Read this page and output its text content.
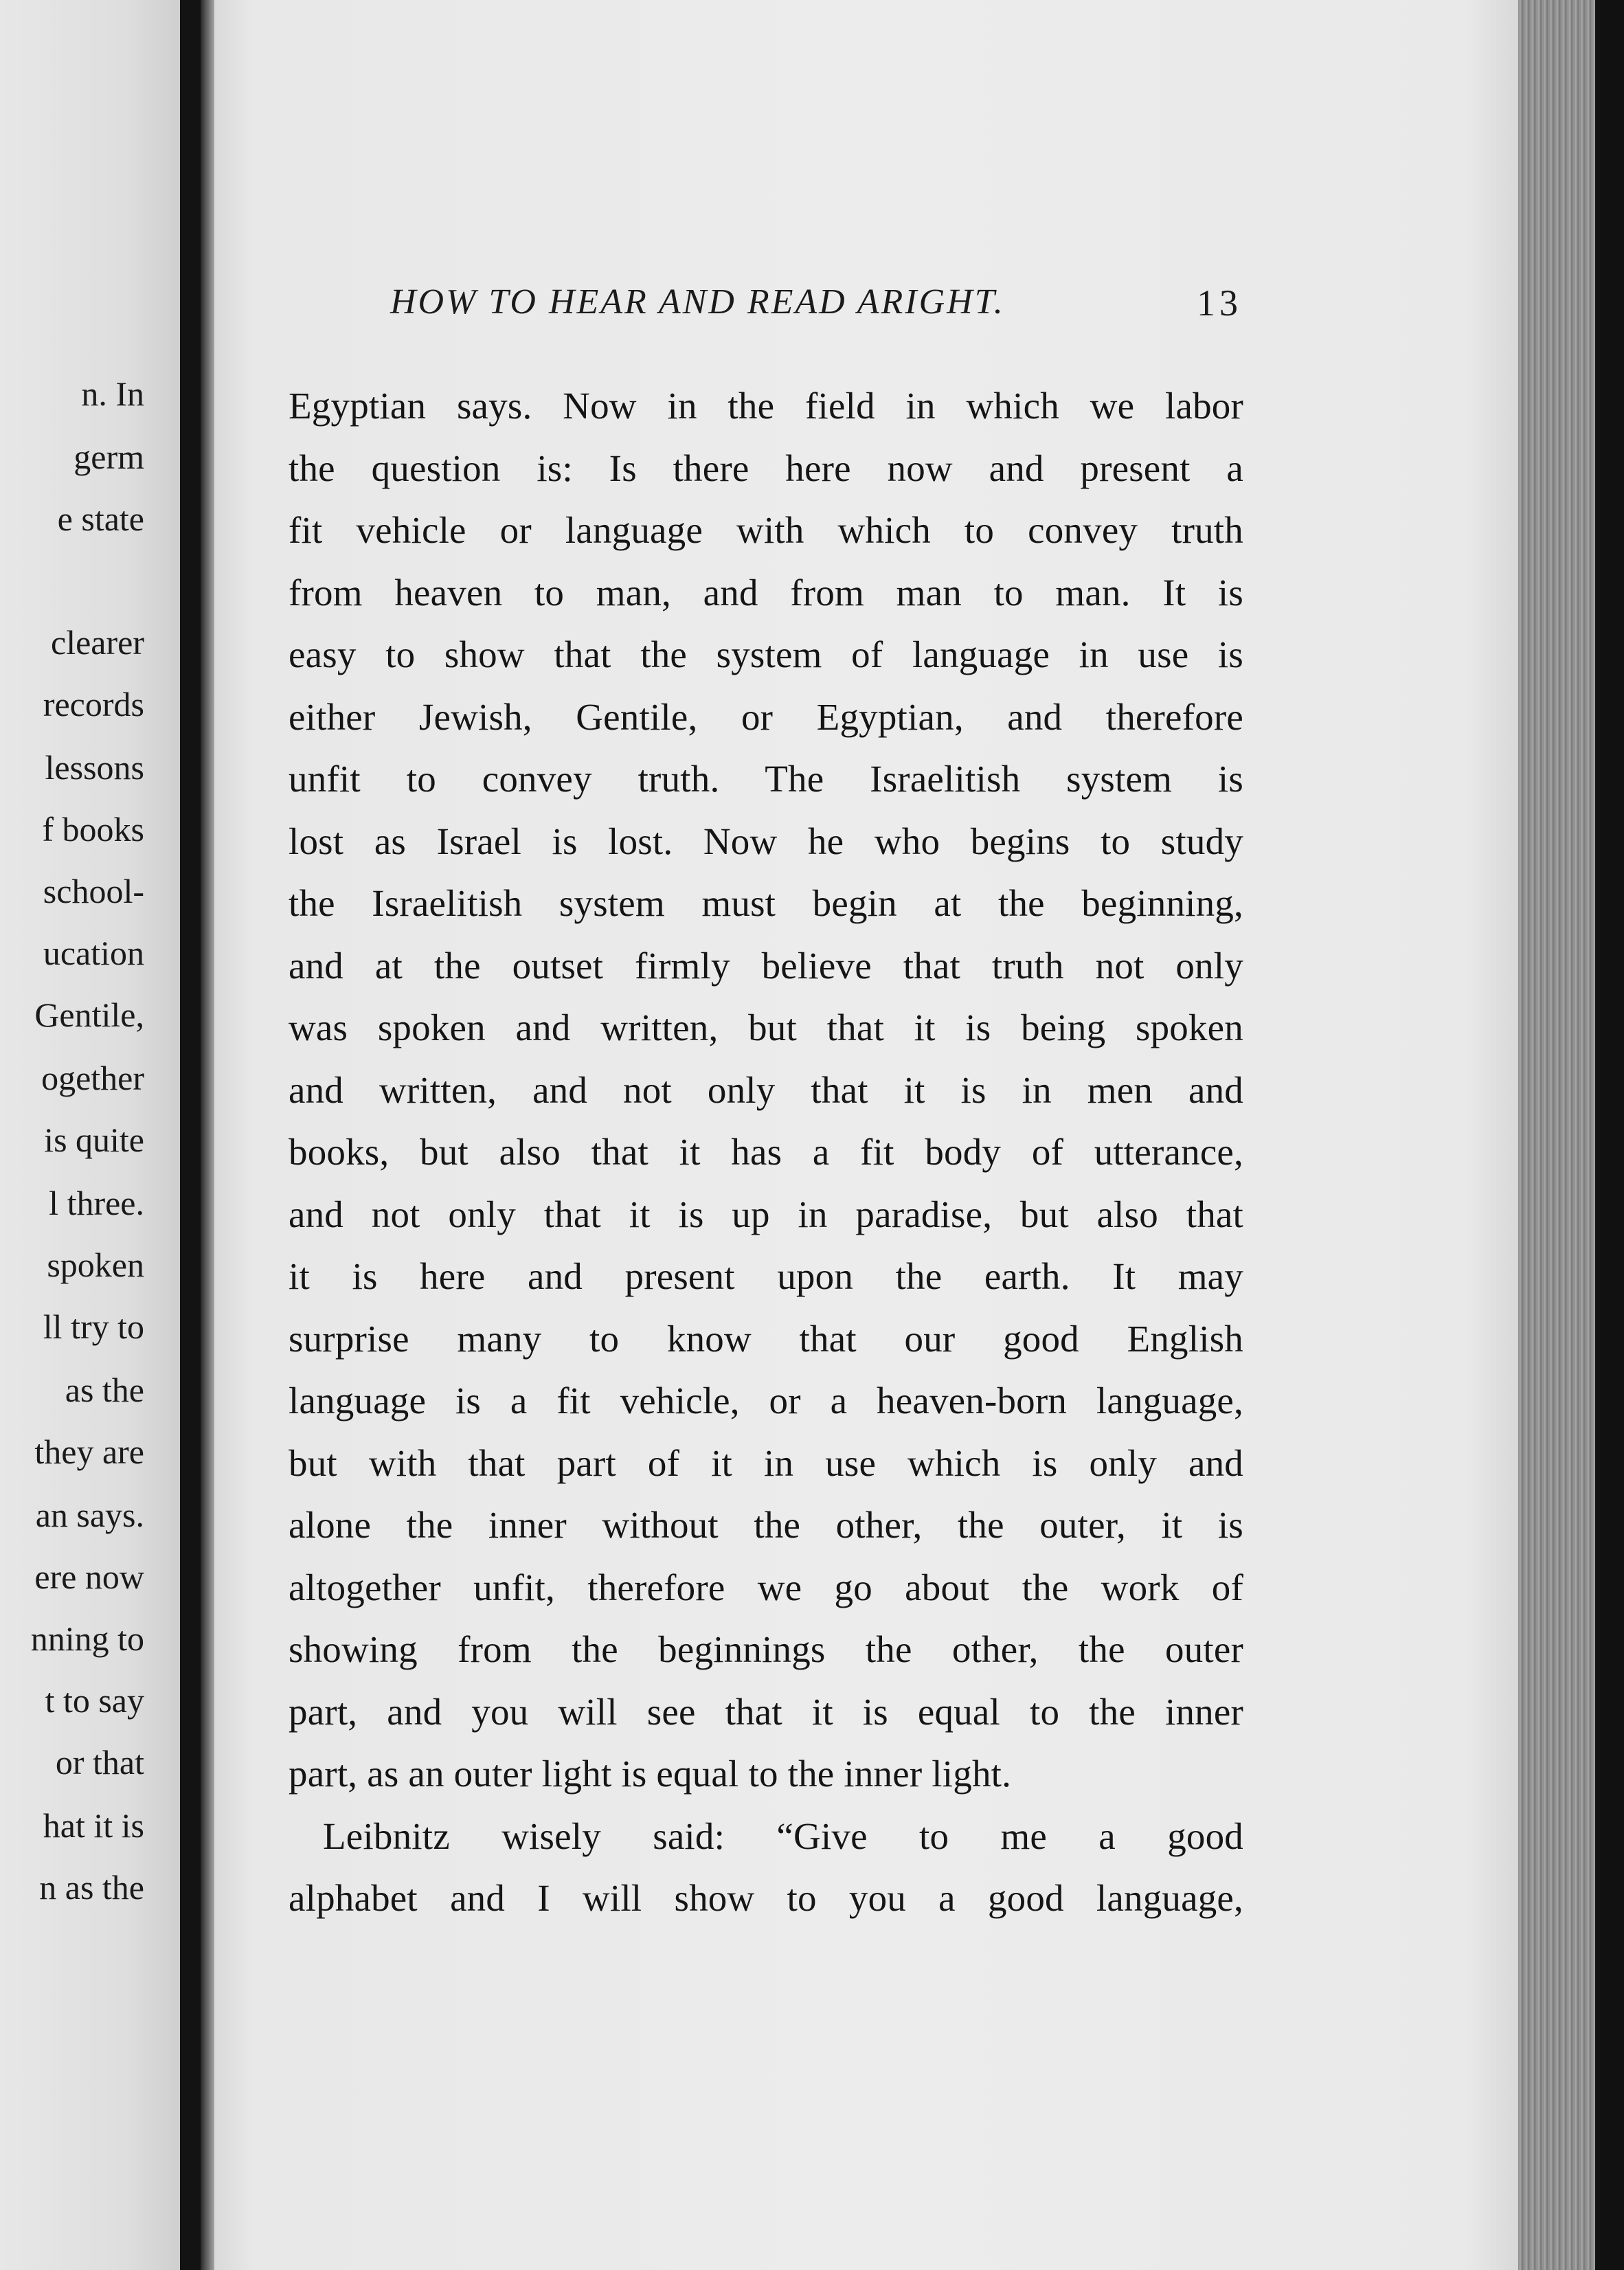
n. In
germ
e state
clearer
records
lessons
f books
school-
ucation
Gentile,
ogether
is quite
l three.
spoken
ll try to
as the
they are
an says.
ere now
nning to
t to say
or that
hat it is
n as the
HOW TO HEAR AND READ ARIGHT.	13
Egyptian says. Now in the field in which we labor
the question is: Is there here now and present a
fit vehicle or language with which to convey truth
from heaven to man, and from man to man. It is
easy to show that the system of language in use is
either Jewish, Gentile, or Egyptian, and therefore
unfit to convey truth. The Israelitish system is
lost as Israel is lost. Now he who begins to study
the Israelitish system must begin at the beginning,
and at the outset firmly believe that truth not only
was spoken and written, but that it is being spoken
and written, and not only that it is in men and
books, but also that it has a fit body of utterance,
and not only that it is up in paradise, but also that
it is here and present upon the earth. It may
surprise many to know that our good English
language is a fit vehicle, or a heaven-born language,
but with that part of it in use which is only and
alone the inner without the other, the outer, it is
altogether unfit, therefore we go about the work of
showing from the beginnings the other, the outer
part, and you will see that it is equal to the inner
part, as an outer light is equal to the inner light.
Leibnitz wisely said: “Give to me a good
alphabet and I will show to you a good language,
